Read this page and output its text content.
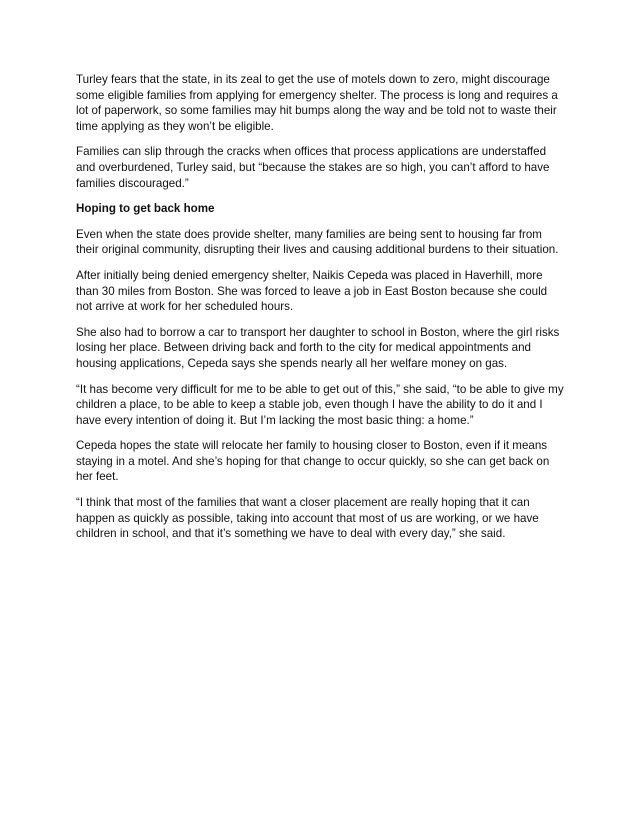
Turley fears that the state, in its zeal to get the use of motels down to zero, might discourage some eligible families from applying for emergency shelter. The process is long and requires a lot of paperwork, so some families may hit bumps along the way and be told not to waste their time applying as they won’t be eligible.

Families can slip through the cracks when offices that process applications are understaffed and overburdened, Turley said, but “because the stakes are so high, you can’t afford to have families discouraged.”

Hoping to get back home

Even when the state does provide shelter, many families are being sent to housing far from their original community, disrupting their lives and causing additional burdens to their situation.

After initially being denied emergency shelter, Naikis Cepeda was placed in Haverhill, more than 30 miles from Boston. She was forced to leave a job in East Boston because she could not arrive at work for her scheduled hours.

She also had to borrow a car to transport her daughter to school in Boston, where the girl risks losing her place. Between driving back and forth to the city for medical appointments and housing applications, Cepeda says she spends nearly all her welfare money on gas.

“It has become very difficult for me to be able to get out of this,” she said, “to be able to give my children a place, to be able to keep a stable job, even though I have the ability to do it and I have every intention of doing it. But I’m lacking the most basic thing: a home.”

Cepeda hopes the state will relocate her family to housing closer to Boston, even if it means staying in a motel. And she’s hoping for that change to occur quickly, so she can get back on her feet.

“I think that most of the families that want a closer placement are really hoping that it can happen as quickly as possible, taking into account that most of us are working, or we have children in school, and that it’s something we have to deal with every day,” she said.
